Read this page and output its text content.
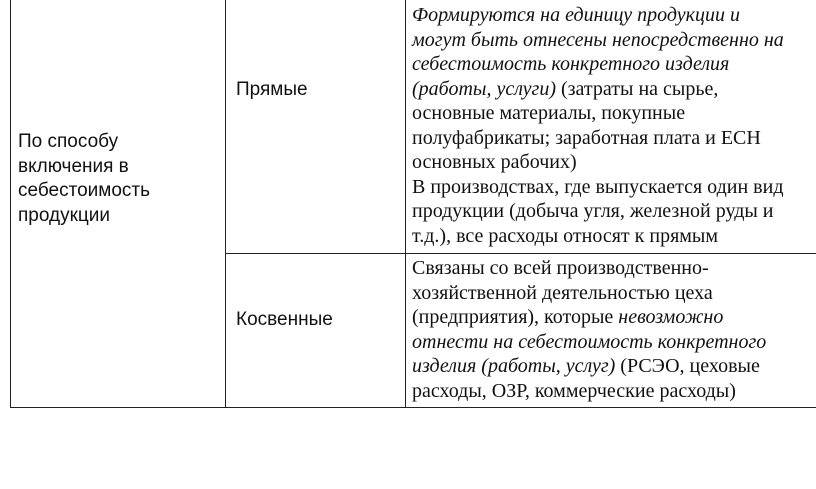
По способу
включения в
себестоимость
продукции
Прямые
Косвенные
Формируются на единицу продукции и
могут быть отнесены непосредственно на
себестоимость конкретного изделия
(работы, услуги) (затраты на сырье,
основные материалы, покупные
полуфабрикаты; заработная плата и ЕСН
основных рабочих)
В производствах, где выпускается один вид
продукции (добыча угля, железной руды и
т.д.), все расходы относят к прямым
Связаны со всей производственно-
хозяйственной деятельностью цеха
(предприятия), которые невозможно
отнести на себестоимость конкретного
изделия (работы, услуг) (РСЭО, цеховые
расходы, ОЗР, коммерческие расходы)
